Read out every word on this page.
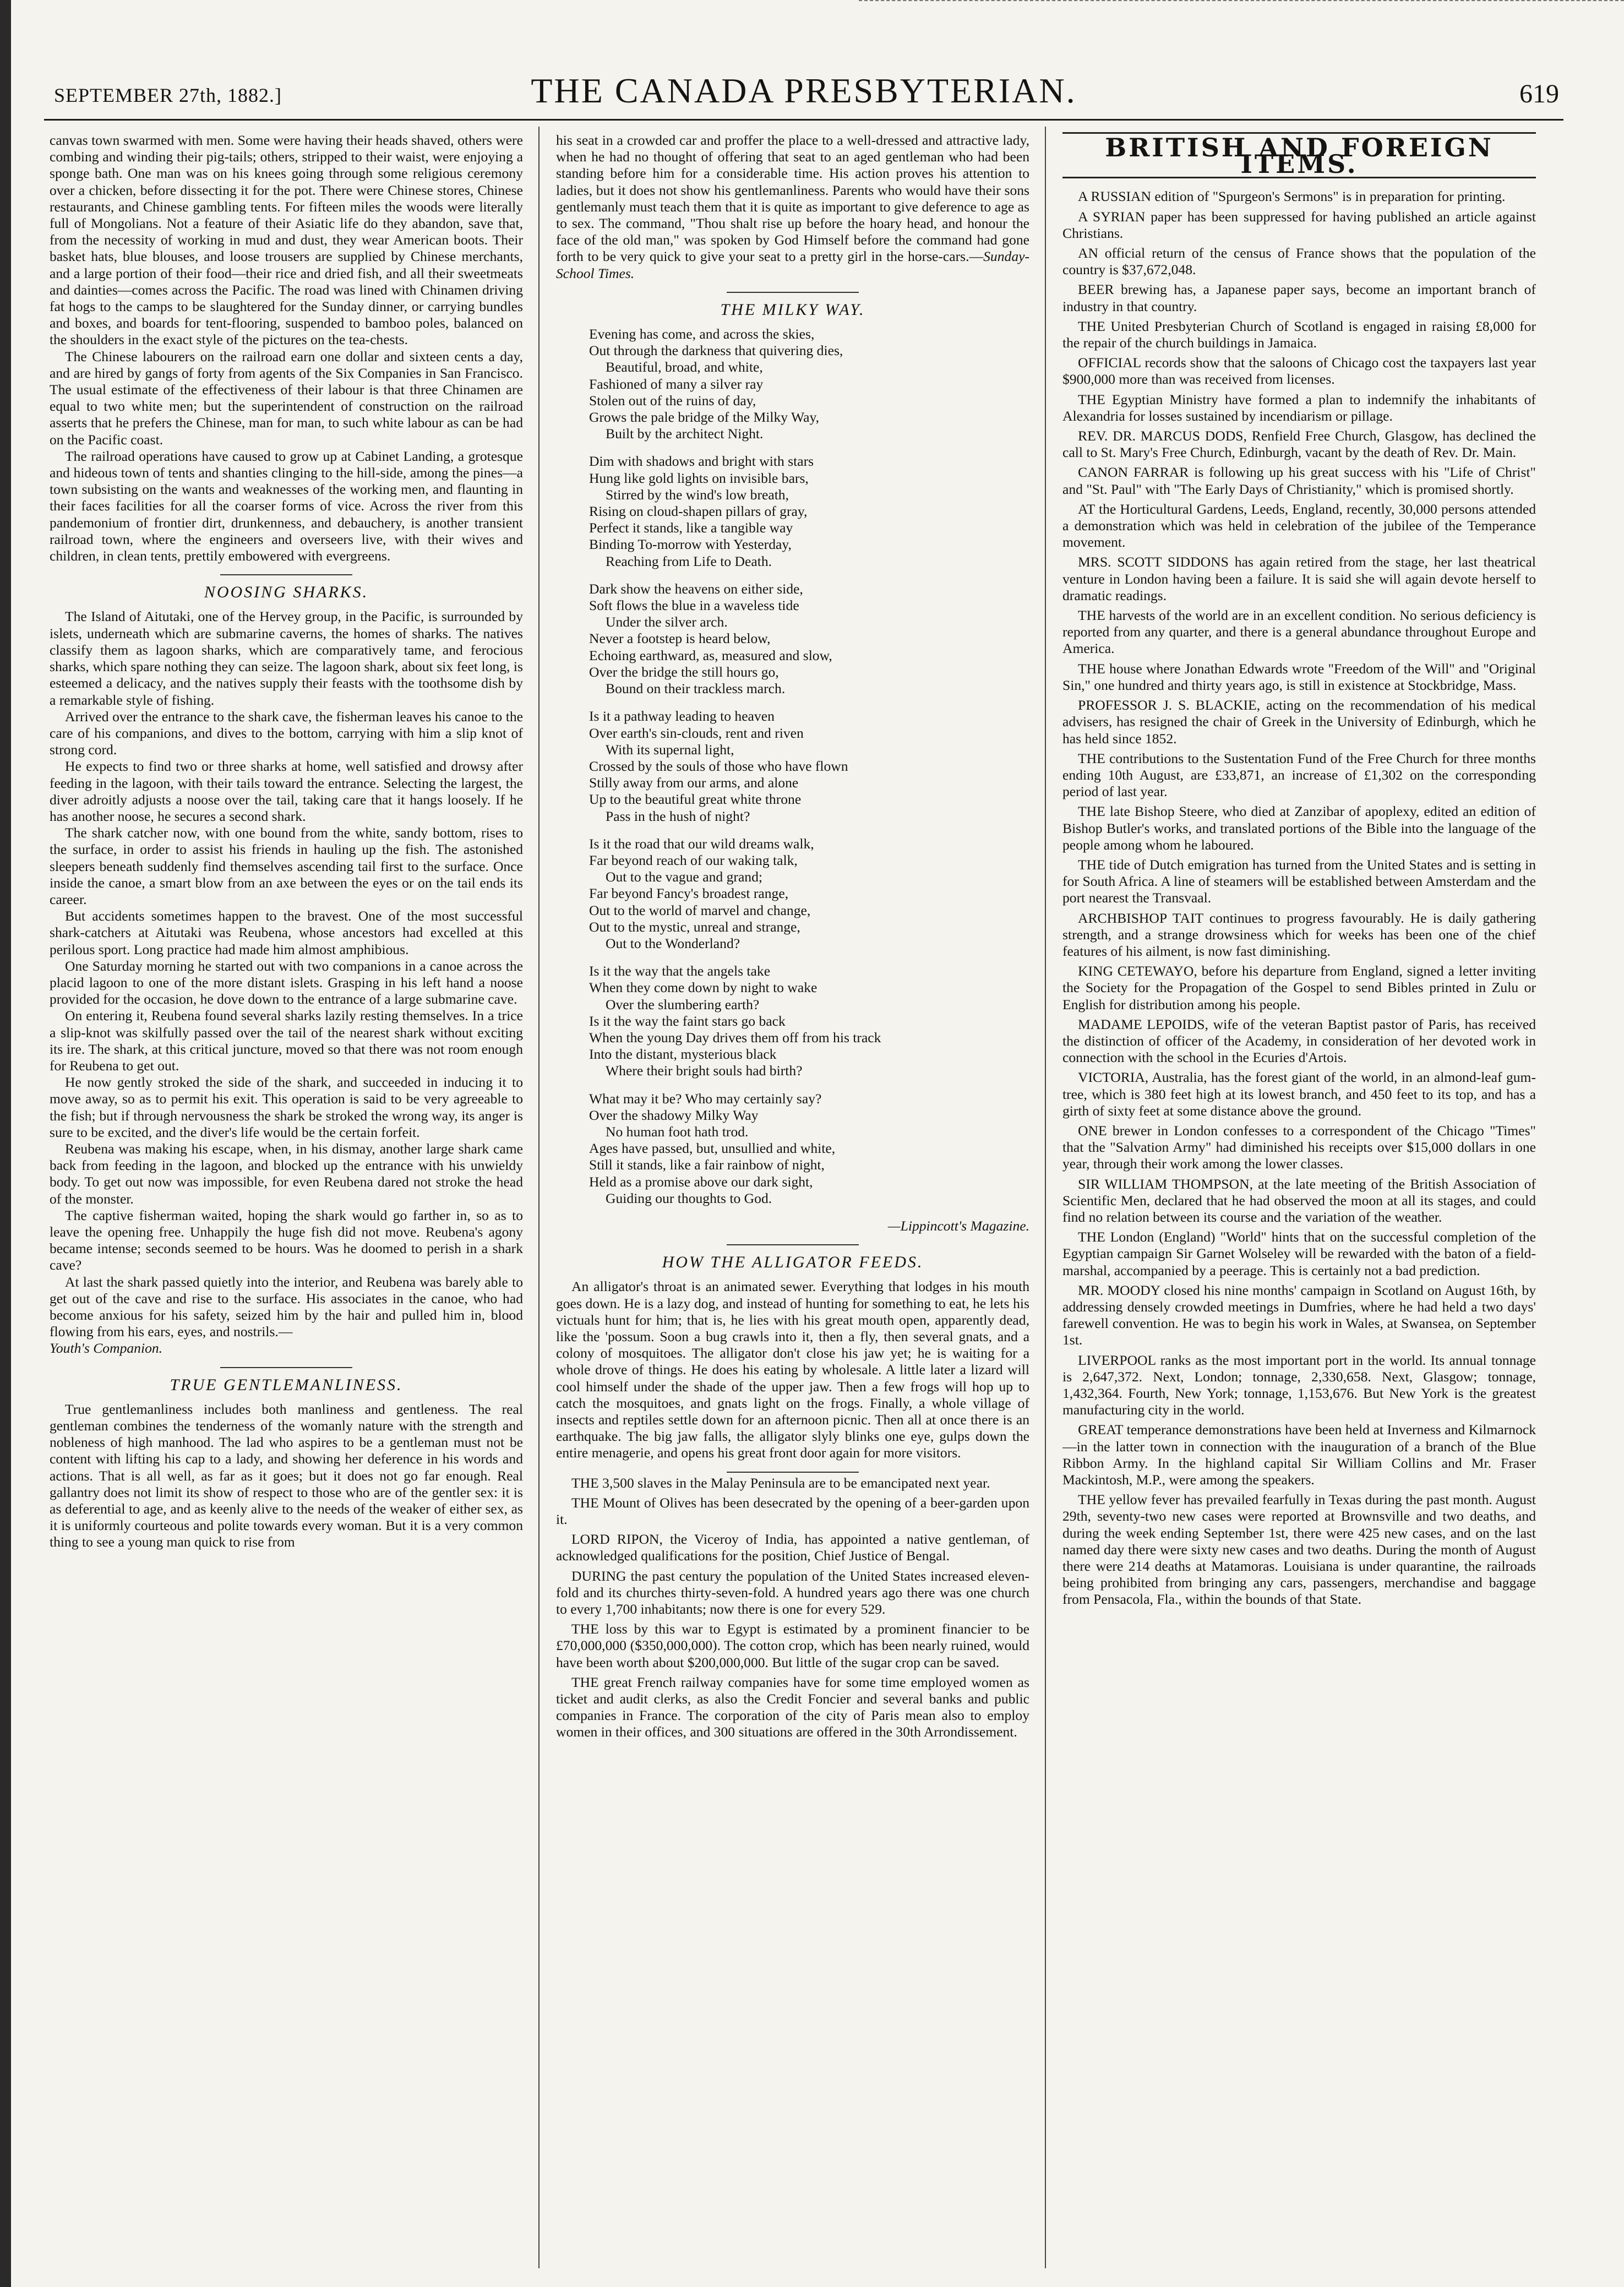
SEPTEMBER 27th, 1882.]	THE CANADA PRESBYTERIAN.	619

canvas town swarmed with men. Some were having their heads shaved, others were combing and winding their pig-tails; others, stripped to their waist, were enjoying a sponge bath. One man was on his knees going through some religious ceremony over a chicken, before dissecting it for the pot. There were Chinese stores, Chinese restaurants, and Chinese gambling tents. For fifteen miles the woods were literally full of Mongolians. Not a feature of their Asiatic life do they abandon, save that, from the necessity of working in mud and dust, they wear American boots. Their basket hats, blue blouses, and loose trousers are supplied by Chinese merchants, and a large portion of their food—their rice and dried fish, and all their sweetmeats and dainties—comes across the Pacific. The road was lined with Chinamen driving fat hogs to the camps to be slaughtered for the Sunday dinner, or carrying bundles and boxes, and boards for tent-flooring, suspended to bamboo poles, balanced on the shoulders in the exact style of the pictures on the tea-chests.

The Chinese labourers on the railroad earn one dollar and sixteen cents a day, and are hired by gangs of forty from agents of the Six Companies in San Francisco. The usual estimate of the effectiveness of their labour is that three Chinamen are equal to two white men; but the superintendent of construction on the railroad asserts that he prefers the Chinese, man for man, to such white labour as can be had on the Pacific coast.

The railroad operations have caused to grow up at Cabinet Landing, a grotesque and hideous town of tents and shanties clinging to the hill-side, among the pines—a town subsisting on the wants and weaknesses of the working men, and flaunting in their faces facilities for all the coarser forms of vice. Across the river from this pandemonium of frontier dirt, drunkenness, and debauchery, is another transient railroad town, where the engineers and overseers live, with their wives and children, in clean tents, prettily embowered with evergreens.

NOOSING SHARKS.

The Island of Aitutaki, one of the Hervey group, in the Pacific, is surrounded by islets, underneath which are submarine caverns, the homes of sharks. The natives classify them as lagoon sharks, which are comparatively tame, and ferocious sharks, which spare nothing they can seize. The lagoon shark, about six feet long, is esteemed a delicacy, and the natives supply their feasts with the toothsome dish by a remarkable style of fishing.

Arrived over the entrance to the shark cave, the fisherman leaves his canoe to the care of his companions, and dives to the bottom, carrying with him a slip knot of strong cord.

He expects to find two or three sharks at home, well satisfied and drowsy after feeding in the lagoon, with their tails toward the entrance. Selecting the largest, the diver adroitly adjusts a noose over the tail, taking care that it hangs loosely. If he has another noose, he secures a second shark.

The shark catcher now, with one bound from the white, sandy bottom, rises to the surface, in order to assist his friends in hauling up the fish. The astonished sleepers beneath suddenly find themselves ascending tail first to the surface. Once inside the canoe, a smart blow from an axe between the eyes or on the tail ends its career.

But accidents sometimes happen to the bravest. One of the most successful shark-catchers at Aitutaki was Reubena, whose ancestors had excelled at this perilous sport. Long practice had made him almost amphibious.

One Saturday morning he started out with two companions in a canoe across the placid lagoon to one of the more distant islets. Grasping in his left hand a noose provided for the occasion, he dove down to the entrance of a large submarine cave.

On entering it, Reubena found several sharks lazily resting themselves. In a trice a slip-knot was skilfully passed over the tail of the nearest shark without exciting its ire. The shark, at this critical juncture, moved so that there was not room enough for Reubena to get out.

He now gently stroked the side of the shark, and succeeded in inducing it to move away, so as to permit his exit. This operation is said to be very agreeable to the fish; but if through nervousness the shark be stroked the wrong way, its anger is sure to be excited, and the diver's life would be the certain forfeit.

Reubena was making his escape, when, in his dismay, another large shark came back from feeding in the lagoon, and blocked up the entrance with his unwieldy body. To get out now was impossible, for even Reubena dared not stroke the head of the monster.

The captive fisherman waited, hoping the shark would go farther in, so as to leave the opening free. Unhappily the huge fish did not move. Reubena's agony became intense; seconds seemed to be hours. Was he doomed to perish in a shark cave?

At last the shark passed quietly into the interior, and Reubena was barely able to get out of the cave and rise to the surface. His associates in the canoe, who had become anxious for his safety, seized him by the hair and pulled him in, blood flowing from his ears, eyes, and nostrils.—

Youth's Companion.
TRUE GENTLEMANLINESS.

True gentlemanliness includes both manliness and gentleness. The real gentleman combines the tenderness of the womanly nature with the strength and nobleness of high manhood. The lad who aspires to be a gentleman must not be content with lifting his cap to a lady, and showing her deference in his words and actions. That is all well, as far as it goes; but it does not go far enough. Real gallantry does not limit its show of respect to those who are of the gentler sex: it is as deferential to age, and as keenly alive to the needs of the weaker of either sex, as it is uniformly courteous and polite towards every woman. But it is a very common thing to see a young man quick to rise from

his seat in a crowded car and proffer the place to a well-dressed and attractive lady, when he had no thought of offering that seat to an aged gentleman who had been standing before him for a considerable time. His action proves his attention to ladies, but it does not show his gentlemanliness. Parents who would have their sons gentlemanly must teach them that it is quite as important to give deference to age as to sex. The command, "Thou shalt rise up before the hoary head, and honour the face of the old man," was spoken by God Himself before the command had gone forth to be very quick to give your seat to a pretty girl in the horse-cars.—

Sunday-School Times.
THE MILKY WAY.
Evening has come, and across the skies,
Out through the darkness that quivering dies,
Beautiful, broad, and white,
Fashioned of many a silver ray
Stolen out of the ruins of day,
Grows the pale bridge of the Milky Way,
Built by the architect Night.
Dim with shadows and bright with stars
Hung like gold lights on invisible bars,
Stirred by the wind's low breath,
Rising on cloud-shapen pillars of gray,
Perfect it stands, like a tangible way
Binding To-morrow with Yesterday,
Reaching from Life to Death.
Dark show the heavens on either side,
Soft flows the blue in a waveless tide
Under the silver arch.
Never a footstep is heard below,
Echoing earthward, as, measured and slow,
Over the bridge the still hours go,
Bound on their trackless march.
Is it a pathway leading to heaven
Over earth's sin-clouds, rent and riven
With its supernal light,
Crossed by the souls of those who have flown
Stilly away from our arms, and alone
Up to the beautiful great white throne
Pass in the hush of night?
Is it the road that our wild dreams walk,
Far beyond reach of our waking talk,
Out to the vague and grand;
Far beyond Fancy's broadest range,
Out to the world of marvel and change,
Out to the mystic, unreal and strange,
Out to the Wonderland?
Is it the way that the angels take
When they come down by night to wake
Over the slumbering earth?
Is it the way the faint stars go back
When the young Day drives them off from his track
Into the distant, mysterious black
Where their bright souls had birth?
What may it be? Who may certainly say?
Over the shadowy Milky Way
No human foot hath trod.
Ages have passed, but, unsullied and white,
Still it stands, like a fair rainbow of night,
Held as a promise above our dark sight,
Guiding our thoughts to God.
—Lippincott's Magazine.
HOW THE ALLIGATOR FEEDS.

An alligator's throat is an animated sewer. Everything that lodges in his mouth goes down. He is a lazy dog, and instead of hunting for something to eat, he lets his victuals hunt for him; that is, he lies with his great mouth open, apparently dead, like the 'possum. Soon a bug crawls into it, then a fly, then several gnats, and a colony of mosquitoes. The alligator don't close his jaw yet; he is waiting for a whole drove of things. He does his eating by wholesale. A little later a lizard will cool himself under the shade of the upper jaw. Then a few frogs will hop up to catch the mosquitoes, and gnats light on the frogs. Finally, a whole village of insects and reptiles settle down for an afternoon picnic. Then all at once there is an earthquake. The big jaw falls, the alligator slyly blinks one eye, gulps down the entire menagerie, and opens his great front door again for more visitors.

THE 3,500 slaves in the Malay Peninsula are to be emancipated next year.

THE Mount of Olives has been desecrated by the opening of a beer-garden upon it.

LORD RIPON, the Viceroy of India, has appointed a native gentleman, of acknowledged qualifications for the position, Chief Justice of Bengal.

DURING the past century the population of the United States increased eleven-fold and its churches thirty-seven-fold. A hundred years ago there was one church to every 1,700 inhabitants; now there is one for every 529.

THE loss by this war to Egypt is estimated by a prominent financier to be £70,000,000 ($350,000,000). The cotton crop, which has been nearly ruined, would have been worth about $200,000,000. But little of the sugar crop can be saved.

THE great French railway companies have for some time employed women as ticket and audit clerks, as also the Credit Foncier and several banks and public companies in France. The corporation of the city of Paris mean also to employ women in their offices, and 300 situations are offered in the 30th Arrondissement.

BRITISH AND FOREIGN ITEMS.

A RUSSIAN edition of "Spurgeon's Sermons" is in preparation for printing.

A SYRIAN paper has been suppressed for having published an article against Christians.

AN official return of the census of France shows that the population of the country is $37,672,048.

BEER brewing has, a Japanese paper says, become an important branch of industry in that country.

THE United Presbyterian Church of Scotland is engaged in raising £8,000 for the repair of the church buildings in Jamaica.

OFFICIAL records show that the saloons of Chicago cost the taxpayers last year $900,000 more than was received from licenses.

THE Egyptian Ministry have formed a plan to indemnify the inhabitants of Alexandria for losses sustained by incendiarism or pillage.

REV. DR. MARCUS DODS, Renfield Free Church, Glasgow, has declined the call to St. Mary's Free Church, Edinburgh, vacant by the death of Rev. Dr. Main.

CANON FARRAR is following up his great success with his "Life of Christ" and "St. Paul" with "The Early Days of Christianity," which is promised shortly.

AT the Horticultural Gardens, Leeds, England, recently, 30,000 persons attended a demonstration which was held in celebration of the jubilee of the Temperance movement.

MRS. SCOTT SIDDONS has again retired from the stage, her last theatrical venture in London having been a failure. It is said she will again devote herself to dramatic readings.

THE harvests of the world are in an excellent condition. No serious deficiency is reported from any quarter, and there is a general abundance throughout Europe and America.

THE house where Jonathan Edwards wrote "Freedom of the Will" and "Original Sin," one hundred and thirty years ago, is still in existence at Stockbridge, Mass.

PROFESSOR J. S. BLACKIE, acting on the recommendation of his medical advisers, has resigned the chair of Greek in the University of Edinburgh, which he has held since 1852.

THE contributions to the Sustentation Fund of the Free Church for three months ending 10th August, are £33,871, an increase of £1,302 on the corresponding period of last year.

THE late Bishop Steere, who died at Zanzibar of apoplexy, edited an edition of Bishop Butler's works, and translated portions of the Bible into the language of the people among whom he laboured.

THE tide of Dutch emigration has turned from the United States and is setting in for South Africa. A line of steamers will be established between Amsterdam and the port nearest the Transvaal.

ARCHBISHOP TAIT continues to progress favourably. He is daily gathering strength, and a strange drowsiness which for weeks has been one of the chief features of his ailment, is now fast diminishing.

KING CETEWAYO, before his departure from England, signed a letter inviting the Society for the Propagation of the Gospel to send Bibles printed in Zulu or English for distribution among his people.

MADAME LEPOIDS, wife of the veteran Baptist pastor of Paris, has received the distinction of officer of the Academy, in consideration of her devoted work in connection with the school in the Ecuries d'Artois.

VICTORIA, Australia, has the forest giant of the world, in an almond-leaf gum-tree, which is 380 feet high at its lowest branch, and 450 feet to its top, and has a girth of sixty feet at some distance above the ground.

ONE brewer in London confesses to a correspondent of the Chicago "Times" that the "Salvation Army" had diminished his receipts over $15,000 dollars in one year, through their work among the lower classes.

SIR WILLIAM THOMPSON, at the late meeting of the British Association of Scientific Men, declared that he had observed the moon at all its stages, and could find no relation between its course and the variation of the weather.

THE London (England) "World" hints that on the successful completion of the Egyptian campaign Sir Garnet Wolseley will be rewarded with the baton of a field-marshal, accompanied by a peerage. This is certainly not a bad prediction.

MR. MOODY closed his nine months' campaign in Scotland on August 16th, by addressing densely crowded meetings in Dumfries, where he had held a two days' farewell convention. He was to begin his work in Wales, at Swansea, on September 1st.

LIVERPOOL ranks as the most important port in the world. Its annual tonnage is 2,647,372. Next, London; tonnage, 2,330,658. Next, Glasgow; tonnage, 1,432,364. Fourth, New York; tonnage, 1,153,676. But New York is the greatest manufacturing city in the world.

GREAT temperance demonstrations have been held at Inverness and Kilmarnock—in the latter town in connection with the inauguration of a branch of the Blue Ribbon Army. In the highland capital Sir William Collins and Mr. Fraser Mackintosh, M.P., were among the speakers.

THE yellow fever has prevailed fearfully in Texas during the past month. August 29th, seventy-two new cases were reported at Brownsville and two deaths, and during the week ending September 1st, there were 425 new cases, and on the last named day there were sixty new cases and two deaths. During the month of August there were 214 deaths at Matamoras. Louisiana is under quarantine, the railroads being prohibited from bringing any cars, passengers, merchandise and baggage from Pensacola, Fla., within the bounds of that State.
